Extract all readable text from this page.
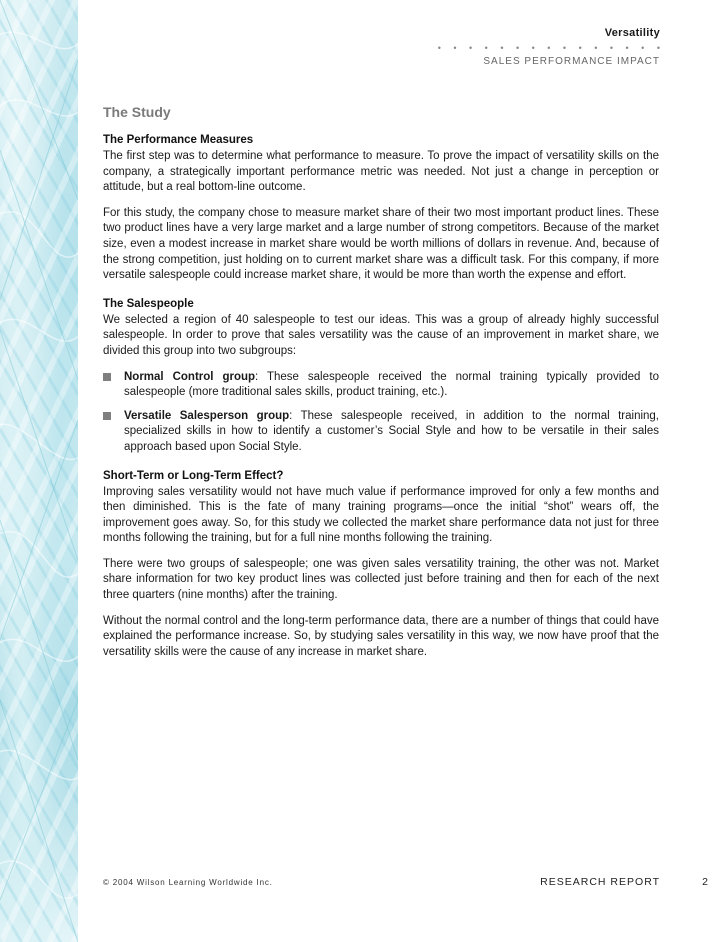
Versatility
• • • • • • • • • • • • • • •
SALES PERFORMANCE IMPACT
The Study
The Performance Measures

The first step was to determine what performance to measure. To prove the impact of versatility skills on the company, a strategically important performance metric was needed. Not just a change in perception or attitude, but a real bottom-line outcome.

For this study, the company chose to measure market share of their two most important product lines. These two product lines have a very large market and a large number of strong competitors. Because of the market size, even a modest increase in market share would be worth millions of dollars in revenue. And, because of the strong competition, just holding on to current market share was a difficult task. For this company, if more versatile salespeople could increase market share, it would be more than worth the expense and effort.

The Salespeople

We selected a region of 40 salespeople to test our ideas. This was a group of already highly successful salespeople. In order to prove that sales versatility was the cause of an improvement in market share, we divided this group into two subgroups:

Normal Control group: These salespeople received the normal training typically provided to salespeople (more traditional sales skills, product training, etc.).
Versatile Salesperson group: These salespeople received, in addition to the normal training, specialized skills in how to identify a customer’s Social Style and how to be versatile in their sales approach based upon Social Style.
Short-Term or Long-Term Effect?

Improving sales versatility would not have much value if performance improved for only a few months and then diminished. This is the fate of many training programs—once the initial “shot” wears off, the improvement goes away. So, for this study we collected the market share performance data not just for three months following the training, but for a full nine months following the training.

There were two groups of salespeople; one was given sales versatility training, the other was not. Market share information for two key product lines was collected just before training and then for each of the next three quarters (nine months) after the training.

Without the normal control and the long-term performance data, there are a number of things that could have explained the performance increase. So, by studying sales versatility in this way, we now have proof that the versatility skills were the cause of any increase in market share.

© 2004 Wilson Learning Worldwide Inc.	RESEARCH REPORT	2
